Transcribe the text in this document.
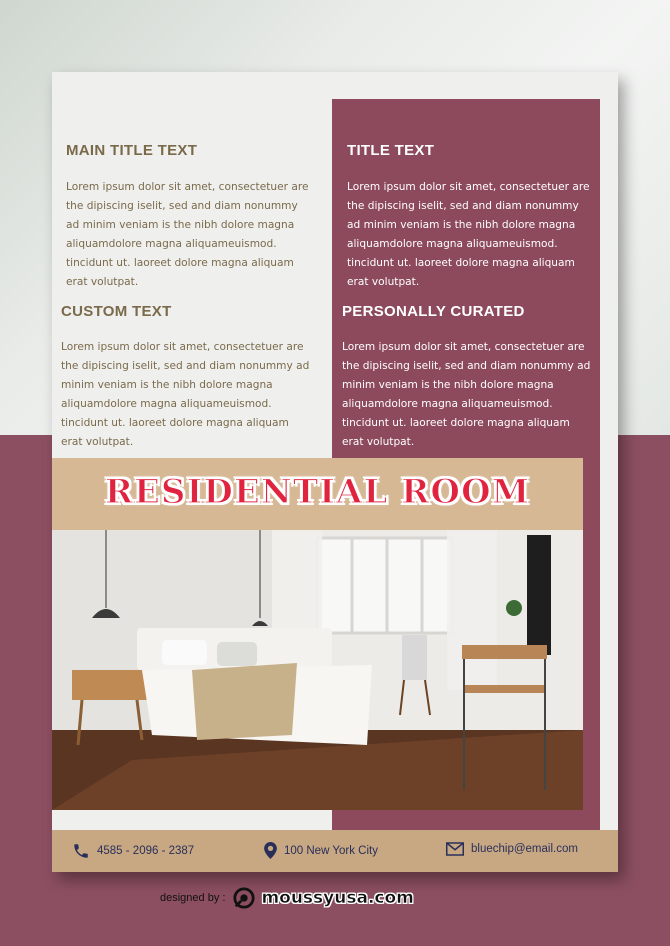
MAIN TITLE TEXT

Lorem ipsum dolor sit amet, consectetuer are the dipiscing iselit, sed and diam nonummy ad minim veniam is the nibh dolore magna aliquamdolore magna aliquameuismod. tincidunt ut. laoreet dolore magna aliquam erat volutpat.

CUSTOM TEXT

Lorem ipsum dolor sit amet, consectetuer are the dipiscing iselit, sed and diam nonummy ad minim veniam is the nibh dolore magna aliquamdolore magna aliquameuismod. tincidunt ut. laoreet dolore magna aliquam erat volutpat.

TITLE TEXT

Lorem ipsum dolor sit amet, consectetuer are the dipiscing iselit, sed and diam nonummy ad minim veniam is the nibh dolore magna aliquamdolore magna aliquameuismod. tincidunt ut. laoreet dolore magna aliquam erat volutpat.

PERSONALLY CURATED

Lorem ipsum dolor sit amet, consectetuer are the dipiscing iselit, sed and diam nonummy ad minim veniam is the nibh dolore magna aliquamdolore magna aliquameuismod. tincidunt ut. laoreet dolore magna aliquam erat volutpat.

RESIDENTIAL ROOM
4585 - 2096 - 2387	100 New York City	bluechip@email.com
designed by : moussyusa.com
